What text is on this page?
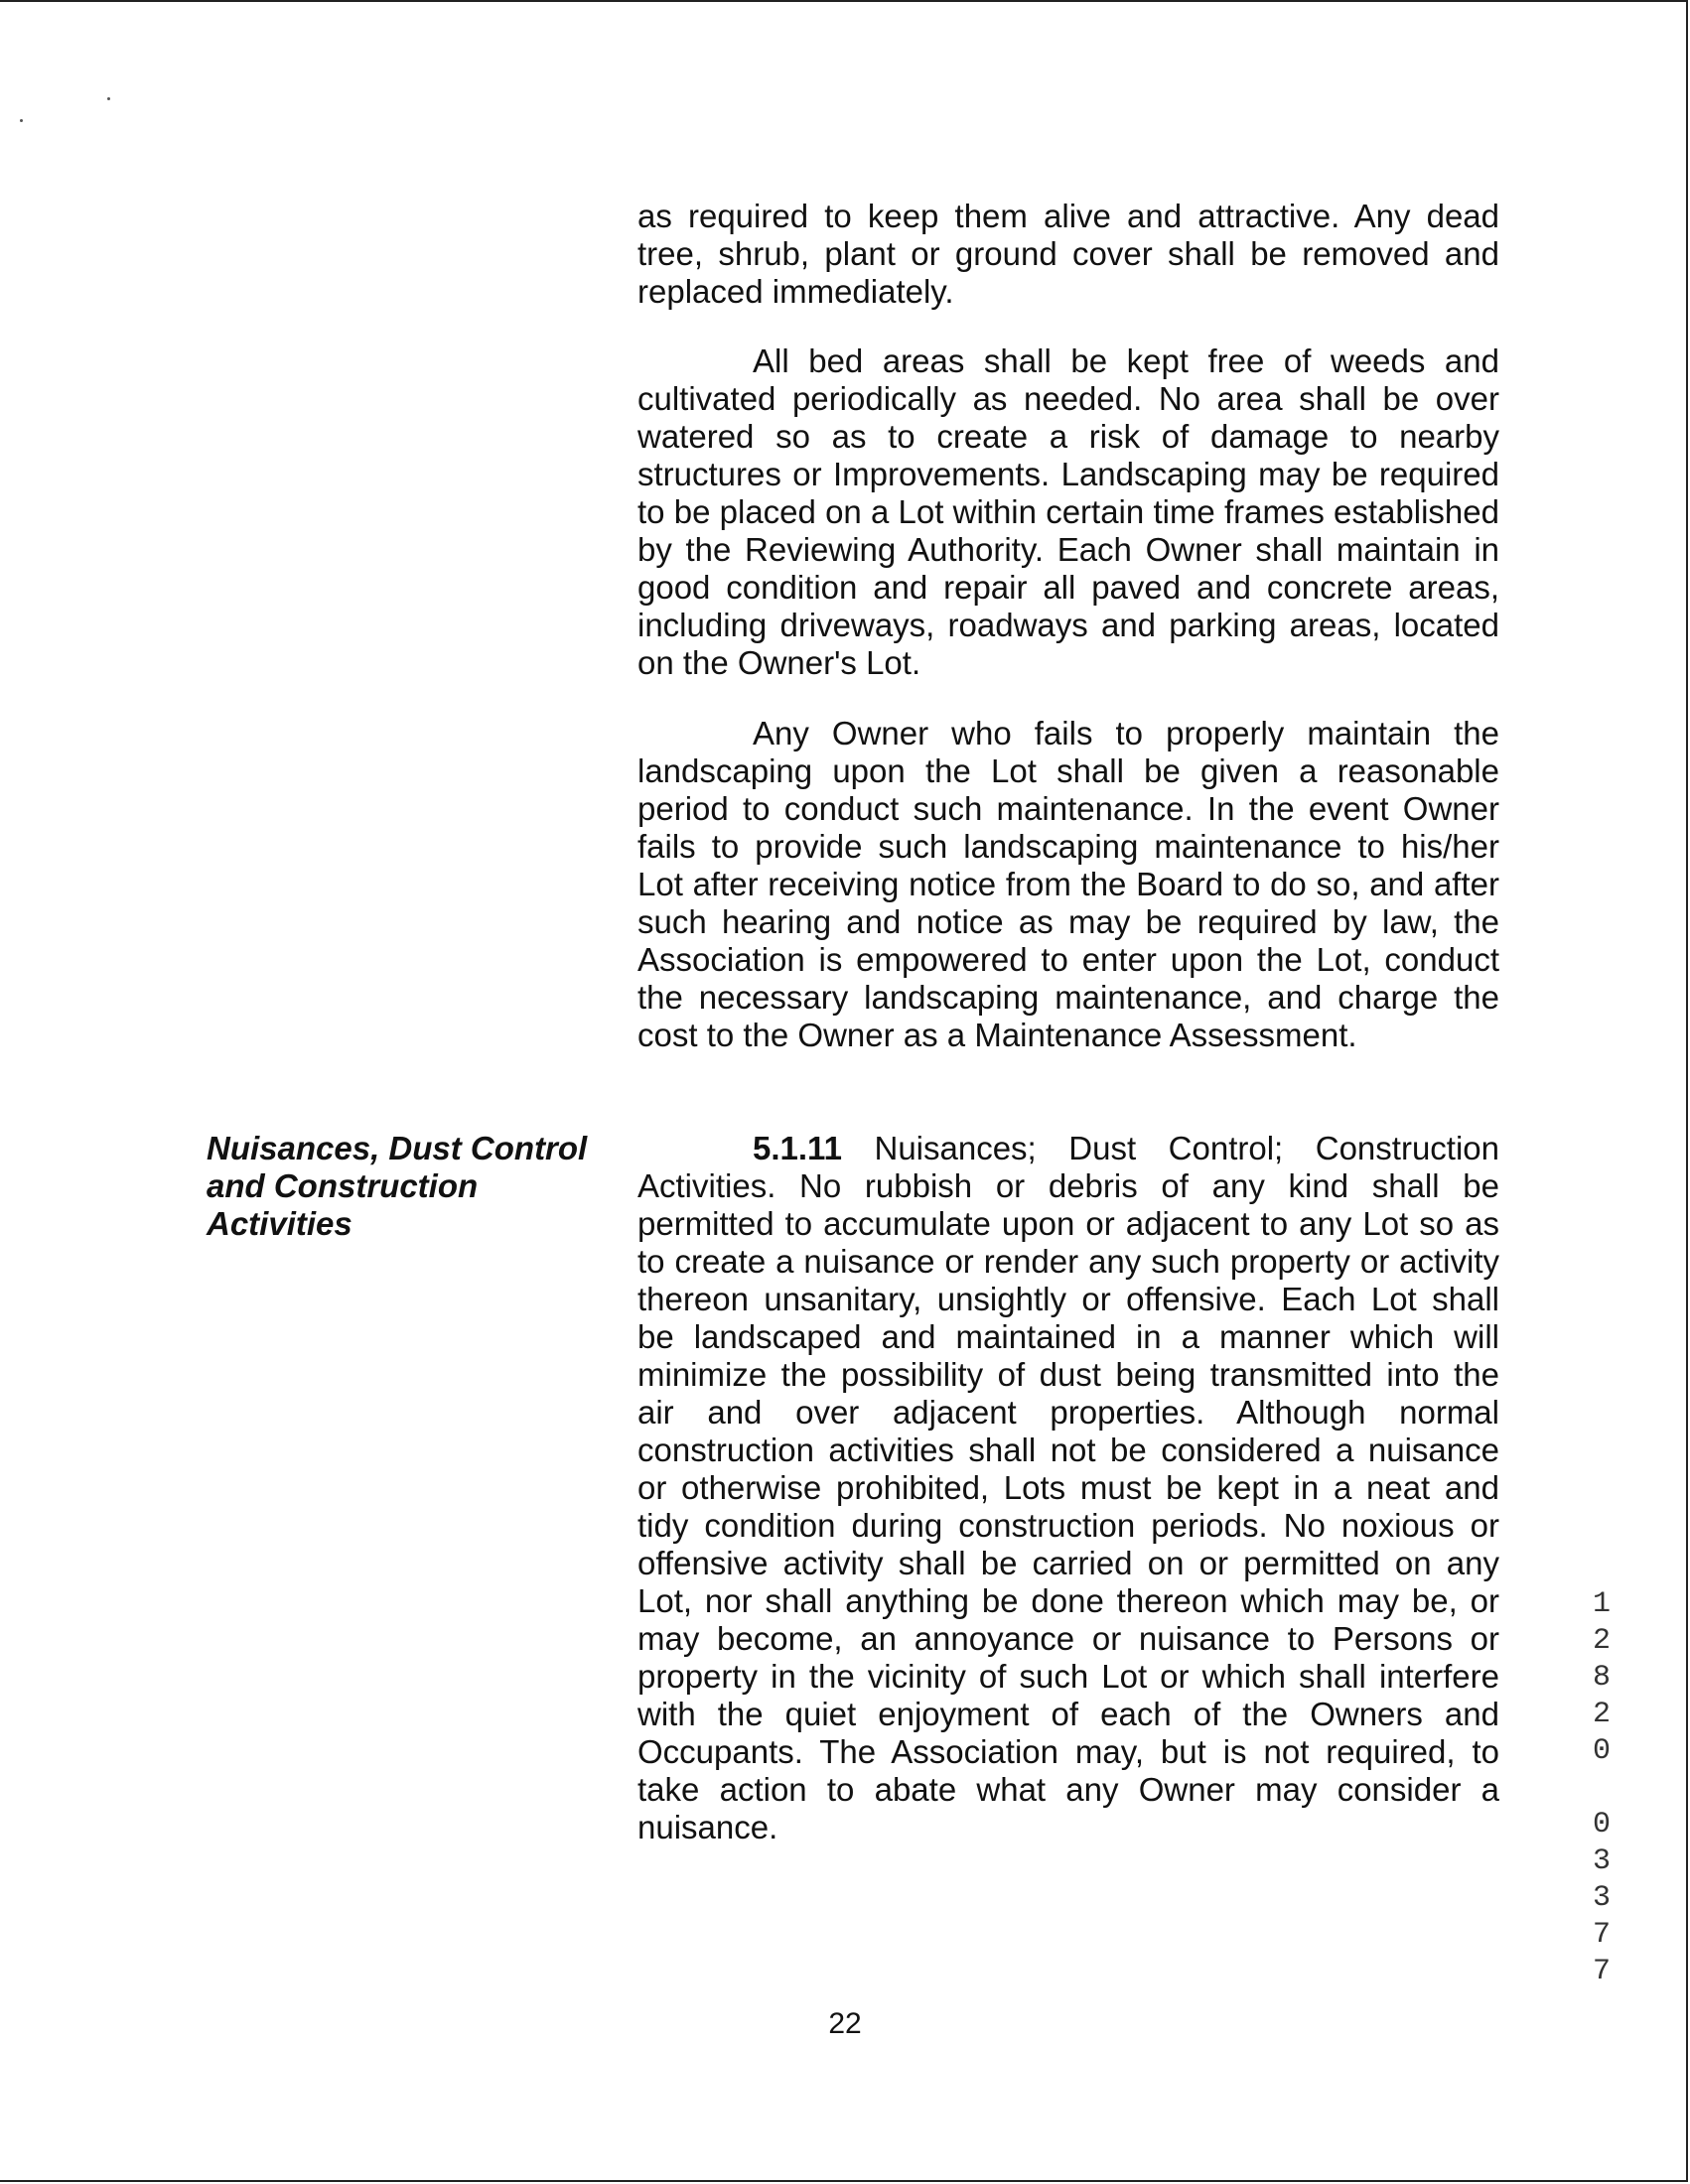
as required to keep them alive and attractive. Any dead tree, shrub, plant or ground cover shall be removed and replaced immediately.

All bed areas shall be kept free of weeds and cultivated periodically as needed. No area shall be over watered so as to create a risk of damage to nearby structures or Improvements. Landscaping may be required to be placed on a Lot within certain time frames established by the Reviewing Authority. Each Owner shall maintain in good condition and repair all paved and concrete areas, including driveways, roadways and parking areas, located on the Owner's Lot.

Any Owner who fails to properly maintain the landscaping upon the Lot shall be given a reasonable period to conduct such maintenance. In the event Owner fails to provide such landscaping maintenance to his/her Lot after receiving notice from the Board to do so, and after such hearing and notice as may be required by law, the Association is empowered to enter upon the Lot, conduct the necessary landscaping maintenance, and charge the cost to the Owner as a Maintenance Assessment.

Nuisances, Dust Control and Construction Activities

5.1.11 Nuisances; Dust Control; Construction Activities. No rubbish or debris of any kind shall be permitted to accumulate upon or adjacent to any Lot so as to create a nuisance or render any such property or activity thereon unsanitary, unsightly or offensive. Each Lot shall be landscaped and maintained in a manner which will minimize the possibility of dust being transmitted into the air and over adjacent properties. Although normal construction activities shall not be considered a nuisance or otherwise prohibited, Lots must be kept in a neat and tidy condition during construction periods. No noxious or offensive activity shall be carried on or permitted on any Lot, nor shall anything be done thereon which may be, or may become, an annoyance or nuisance to Persons or property in the vicinity of such Lot or which shall interfere with the quiet enjoyment of each of the Owners and Occupants. The Association may, but is not required, to take action to abate what any Owner may consider a nuisance.

22
1
2
8
2
0
0
3
3
7
7
